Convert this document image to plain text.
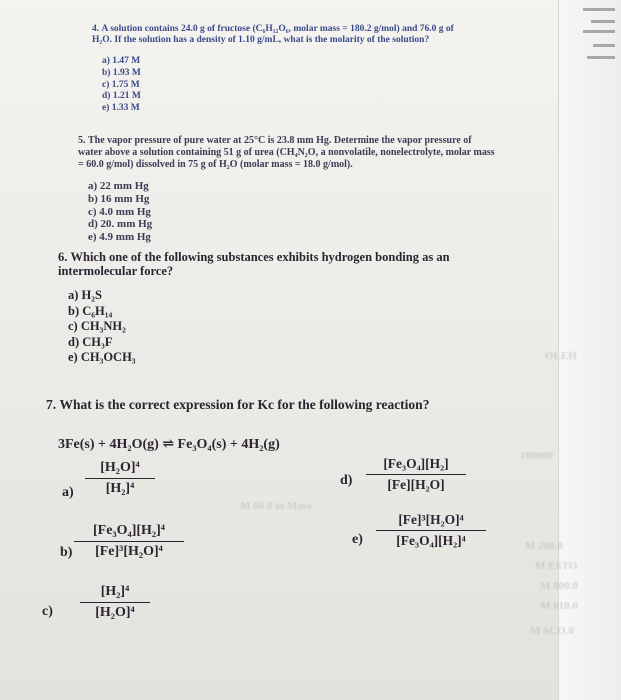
OLEH
100000
M 200.0
M ESTO
M 800.0
M 010.0
M SCO.0
M 60.0 to Mass
4. A solution contains 24.0 g of fructose (C₆H₁₂O₆, molar mass = 180.2 g/mol) and 76.0 g of H₂O. If the solution has a density of 1.10 g/mL, what is the molarity of the solution?
a) 1.47 M
b) 1.93 M
c) 1.75 M
d) 1.21 M
e) 1.33 M
5. The vapor pressure of pure water at 25°C is 23.8 mm Hg. Determine the vapor pressure of water above a solution containing 51 g of urea (CH₄N₂O, a nonvolatile, nonelectrolyte, molar mass = 60.0 g/mol) dissolved in 75 g of H₂O (molar mass = 18.0 g/mol).
a) 22 mm Hg
b) 16 mm Hg
c) 4.0 mm Hg
d) 20. mm Hg
e) 4.9 mm Hg
6. Which one of the following substances exhibits hydrogen bonding as an intermolecular force?
a) H₂S
b) C₆H₁₄
c) CH₃NH₂
d) CH₃F
e) CH₃OCH₃
7. What is the correct expression for Kc for the following reaction?
3Fe(s) + 4H₂O(g) ⇌ Fe₃O₄(s) + 4H₂(g)
a)
[H₂O]⁴
[H₂]⁴
b)
[Fe₃O₄][H₂]⁴
[Fe]³[H₂O]⁴
c)
[H₂]⁴
[H₂O]⁴
d)
[Fe₃O₄][H₂]
[Fe][H₂O]
e)
[Fe]³[H₂O]⁴
[Fe₃O₄][H₂]⁴
